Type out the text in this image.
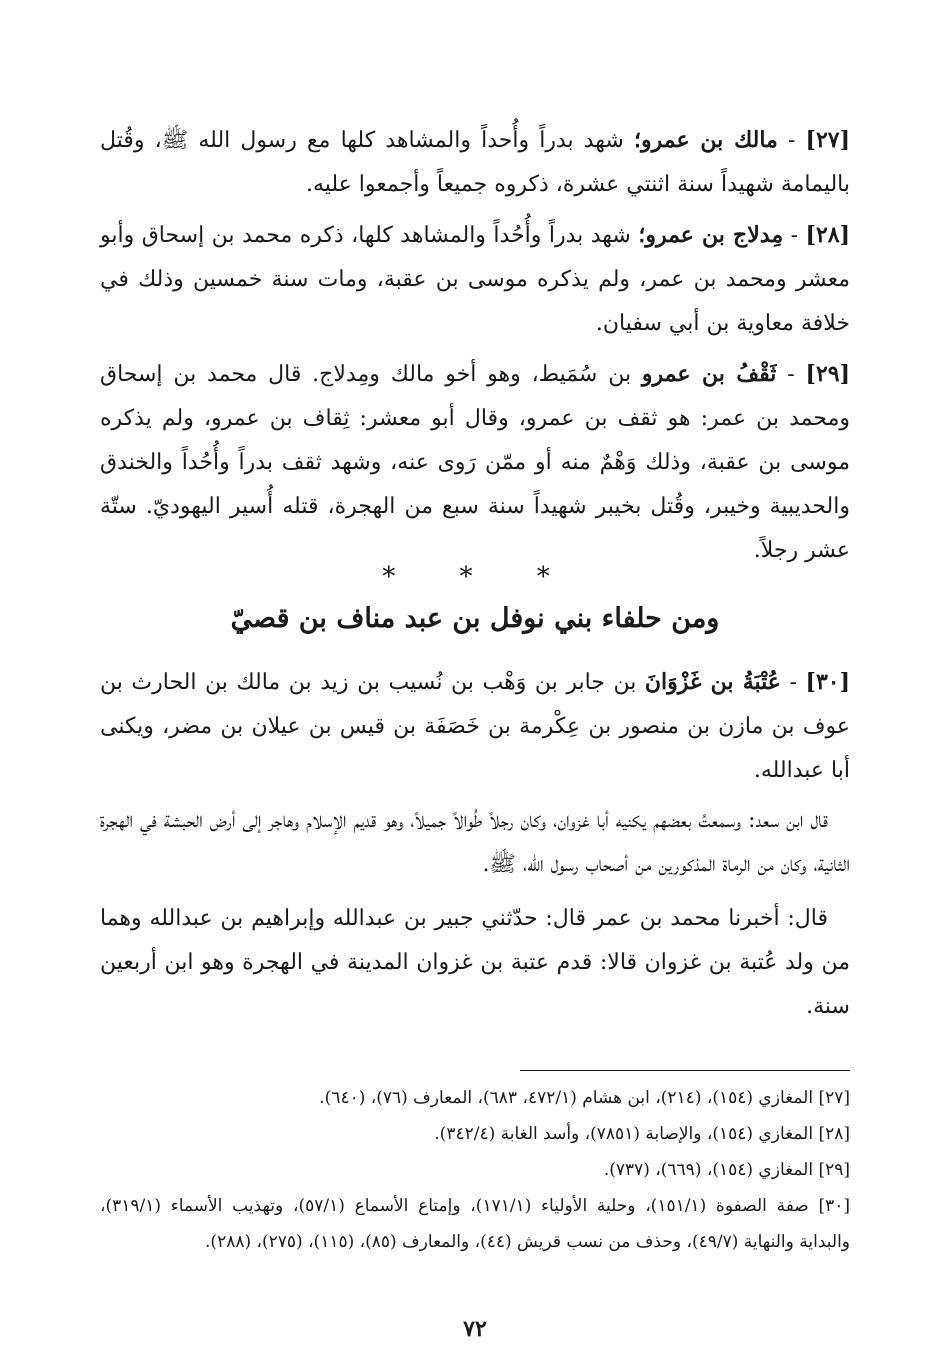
[٢٧] - مالك بن عمرو؛ شهد بدراً وأُحداً والمشاهد كلها مع رسول الله ﷺ، وقُتل باليمامة شهيداً سنة اثنتي عشرة، ذكروه جميعاً وأجمعوا عليه.

[٢٨] - مِدلاج بن عمرو؛ شهد بدراً وأُحُداً والمشاهد كلها، ذكره محمد بن إسحاق وأبو معشر ومحمد بن عمر، ولم يذكره موسى بن عقبة، ومات سنة خمسين وذلك في خلافة معاوية بن أبي سفيان.

[٢٩] - ثَقْفُ بن عمرو بن سُمَيط، وهو أخو مالك ومِدلاج. قال محمد بن إسحاق ومحمد بن عمر: هو ثقف بن عمرو، وقال أبو معشر: ثِقاف بن عمرو، ولم يذكره موسى بن عقبة، وذلك وَهْمٌ منه أو ممّن رَوى عنه، وشهد ثقف بدراً وأُحُداً والخندق والحديبية وخيبر، وقُتل بخيبر شهيداً سنة سبع من الهجرة، قتله أُسير اليهوديّ. ستّة عشر رجلاً.

* * *
ومن حلفاء بني نوفل بن عبد مناف بن قصيّ

[٣٠] - عُتْبَةُ بن غَزْوَانَ بن جابر بن وَهْب بن نُسيب بن زيد بن مالك بن الحارث بن عوف بن مازن بن منصور بن عِكْرمة بن خَصَفَة بن قيس بن عيلان بن مضر، ويكنى أبا عبدالله.

قال ابن سعد: وسمعتُ بعضهم يكنيه أبا غزوان، وكان رجلاً طُوالاً جميلاً، وهو قديم الإسلام وهاجر إلى أرض الحبشة في الهجرة الثانية، وكان من الرماة المذكورين من أصحاب رسول الله، ﷺ.

قال: أخبرنا محمد بن عمر قال: حدّثني جبير بن عبدالله وإبراهيم بن عبدالله وهما من ولد عُتبة بن غزوان قالا: قدم عتبة بن غزوان المدينة في الهجرة وهو ابن أربعين سنة.

[٢٧] المغازي (١٥٤)، (٢١٤)، ابن هشام (٤٧٢/١، ٦٨٣)، المعارف (٧٦)، (٦٤٠).

[٢٨] المغازي (١٥٤)، والإصابة (٧٨٥١)، وأسد الغابة (٣٤٢/٤).

[٢٩] المغازي (١٥٤)، (٦٦٩)، (٧٣٧).

[٣٠] صفة الصفوة (١٥١/١)، وحلية الأولياء (١٧١/١)، وإمتاع الأسماع (٥٧/١)، وتهذيب الأسماء (٣١٩/١)، والبداية والنهاية (٤٩/٧)، وحذف من نسب قريش (٤٤)، والمعارف (٨٥)، (١١٥)، (٢٧٥)، (٢٨٨).

٧٢
